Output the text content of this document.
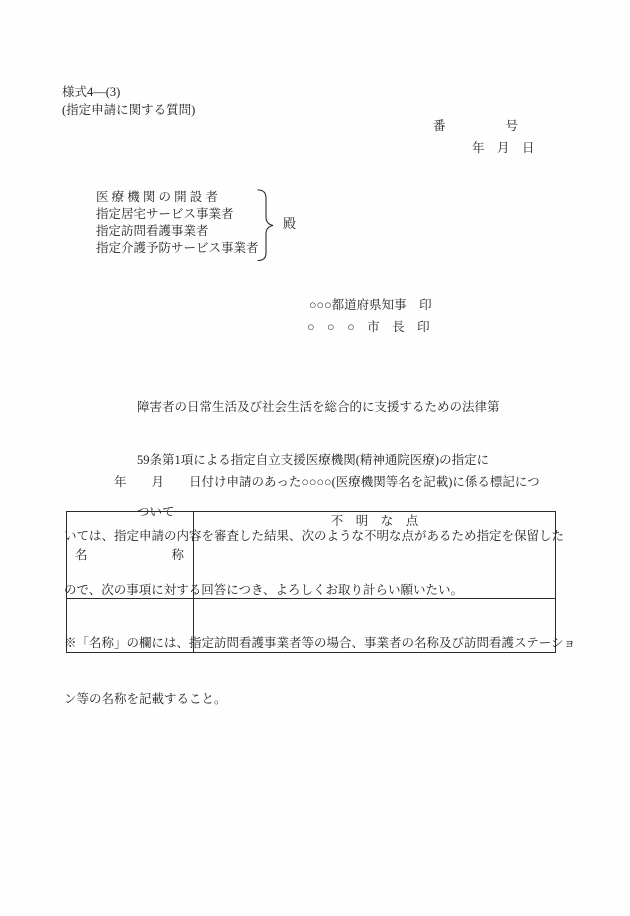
様式4―(3)
(指定申請に関する質問)
番	号
年　月　日
医 療 機 関 の 開 設 者
指定居宅サービス事業者
指定訪問看護事業者
指定介護予防サービス事業者
殿
○○○都道府県知事　印
○　○　○　市　長　印

障害者の日常生活及び社会生活を総合的に支援するための法律第

59条第1項による指定自立支援医療機関(精神通院医療)の指定に

ついて

　　　　年　　月　　日付け申請のあった○○○○(医療機関等名を記載)に係る標記につ

いては、指定申請の内容を審査した結果、次のような不明な点があるため指定を保留した

ので、次の事項に対する回答につき、よろしくお取り計らい願いたい。

名 称	不　明　な　点

※「名称」の欄には、指定訪問看護事業者等の場合、事業者の名称及び訪問看護ステーショ

ン等の名称を記載すること。
